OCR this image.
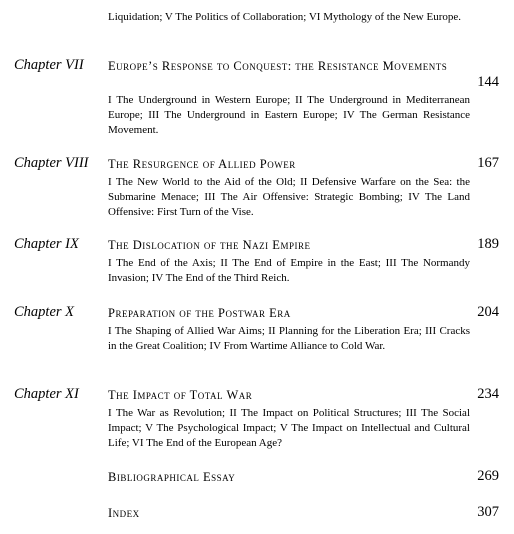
Liquidation; V The Politics of Collaboration; VI Mythology of the New Europe.
Chapter VII Europe’s Response to Conquest: the Resistance Movements
144
I The Underground in Western Europe; II The Underground in Mediterranean Europe; III The Underground in Eastern Europe; IV The German Resistance Movement.
Chapter VIII The Resurgence of Allied Power	167
I The New World to the Aid of the Old; II Defensive Warfare on the Sea: the Submarine Menace; III The Air Offensive: Strategic Bombing; IV The Land Offensive: First Turn of the Vise.
Chapter IX The Dislocation of the Nazi Empire	189
I The End of the Axis; II The End of Empire in the East; III The Normandy Invasion; IV The End of the Third Reich.
Chapter X	Preparation of the Postwar Era	204
I The Shaping of Allied War Aims; II Planning for the Liberation Era; III Cracks in the Great Coalition; IV From Wartime Alliance to Cold War.
Chapter XI The Impact of Total War	234
I The War as Revolution; II The Impact on Political Structures; III The Social Impact; V The Psychological Impact; V The Impact on Intellectual and Cultural Life; VI The End of the European Age?
Bibliographical Essay	269
Index	307
